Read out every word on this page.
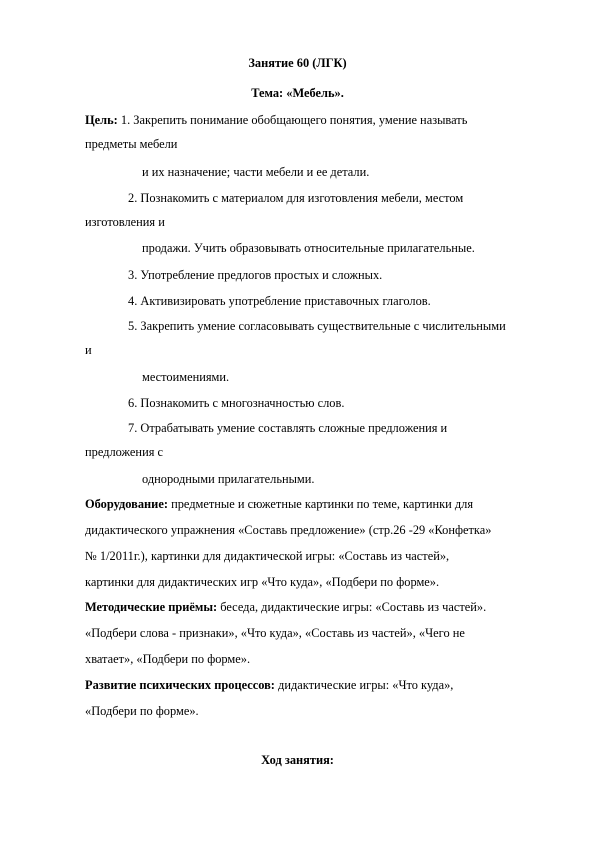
Занятие 60 (ЛГК)
Тема: «Мебель».
Цель: 1. Закрепить понимание обобщающего понятия, умение называть
предметы мебели
и их назначение; части мебели и ее детали.
2. Познакомить с материалом для изготовления мебели, местом
изготовления и
продажи. Учить образовывать относительные прилагательные.
3. Употребление предлогов простых и сложных.
4. Активизировать употребление приставочных глаголов.
5. Закрепить умение согласовывать существительные с числительными
и
местоимениями.
6. Познакомить с многозначностью слов.
7. Отрабатывать умение составлять сложные предложения и
предложения с
однородными прилагательными.
Оборудование: предметные и сюжетные картинки по теме, картинки для
дидактического упражнения «Составь предложение» (стр.26 -29 «Конфетка»
№ 1/2011г.), картинки для дидактической игры: «Составь из частей»,
картинки для дидактических игр «Что куда», «Подбери по форме».
Методические приёмы: беседа, дидактические игры: «Составь из частей».
«Подбери слова - признаки», «Что куда», «Составь из частей», «Чего не
хватает», «Подбери по форме».
Развитие психических процессов: дидактические игры: «Что куда»,
«Подбери по форме».
Ход занятия:
